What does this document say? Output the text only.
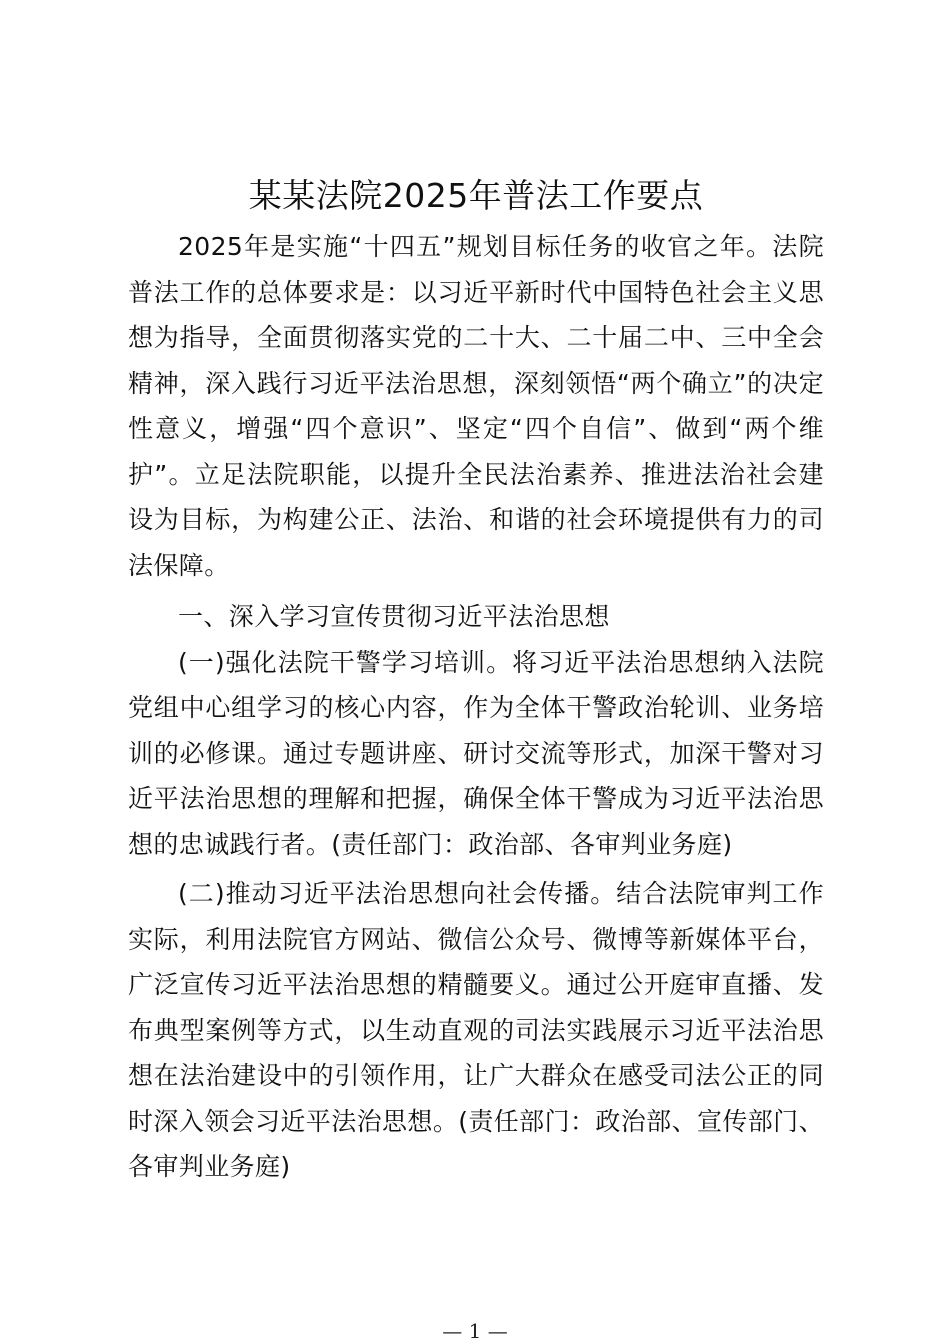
某某法院2025年普法工作要点

2025年是实施“十四五”规划目标任务的收官之年。法院普法工作的总体要求是：以习近平新时代中国特色社会主义思想为指导，全面贯彻落实党的二十大、二十届二中、三中全会精神，深入践行习近平法治思想，深刻领悟“两个确立”的决定性意义，增强“四个意识”、坚定“四个自信”、做到“两个维护”。立足法院职能，以提升全民法治素养、推进法治社会建设为目标，为构建公正、法治、和谐的社会环境提供有力的司法保障。

一、深入学习宣传贯彻习近平法治思想

(一)强化法院干警学习培训。将习近平法治思想纳入法院党组中心组学习的核心内容，作为全体干警政治轮训、业务培训的必修课。通过专题讲座、研讨交流等形式，加深干警对习近平法治思想的理解和把握，确保全体干警成为习近平法治思想的忠诚践行者。(责任部门：政治部、各审判业务庭)

(二)推动习近平法治思想向社会传播。结合法院审判工作实际，利用法院官方网站、微信公众号、微博等新媒体平台，广泛宣传习近平法治思想的精髓要义。通过公开庭审直播、发布典型案例等方式，以生动直观的司法实践展示习近平法治思想在法治建设中的引领作用，让广大群众在感受司法公正的同时深入领会习近平法治思想。(责任部门：政治部、宣传部门、各审判业务庭)

— 1 —
